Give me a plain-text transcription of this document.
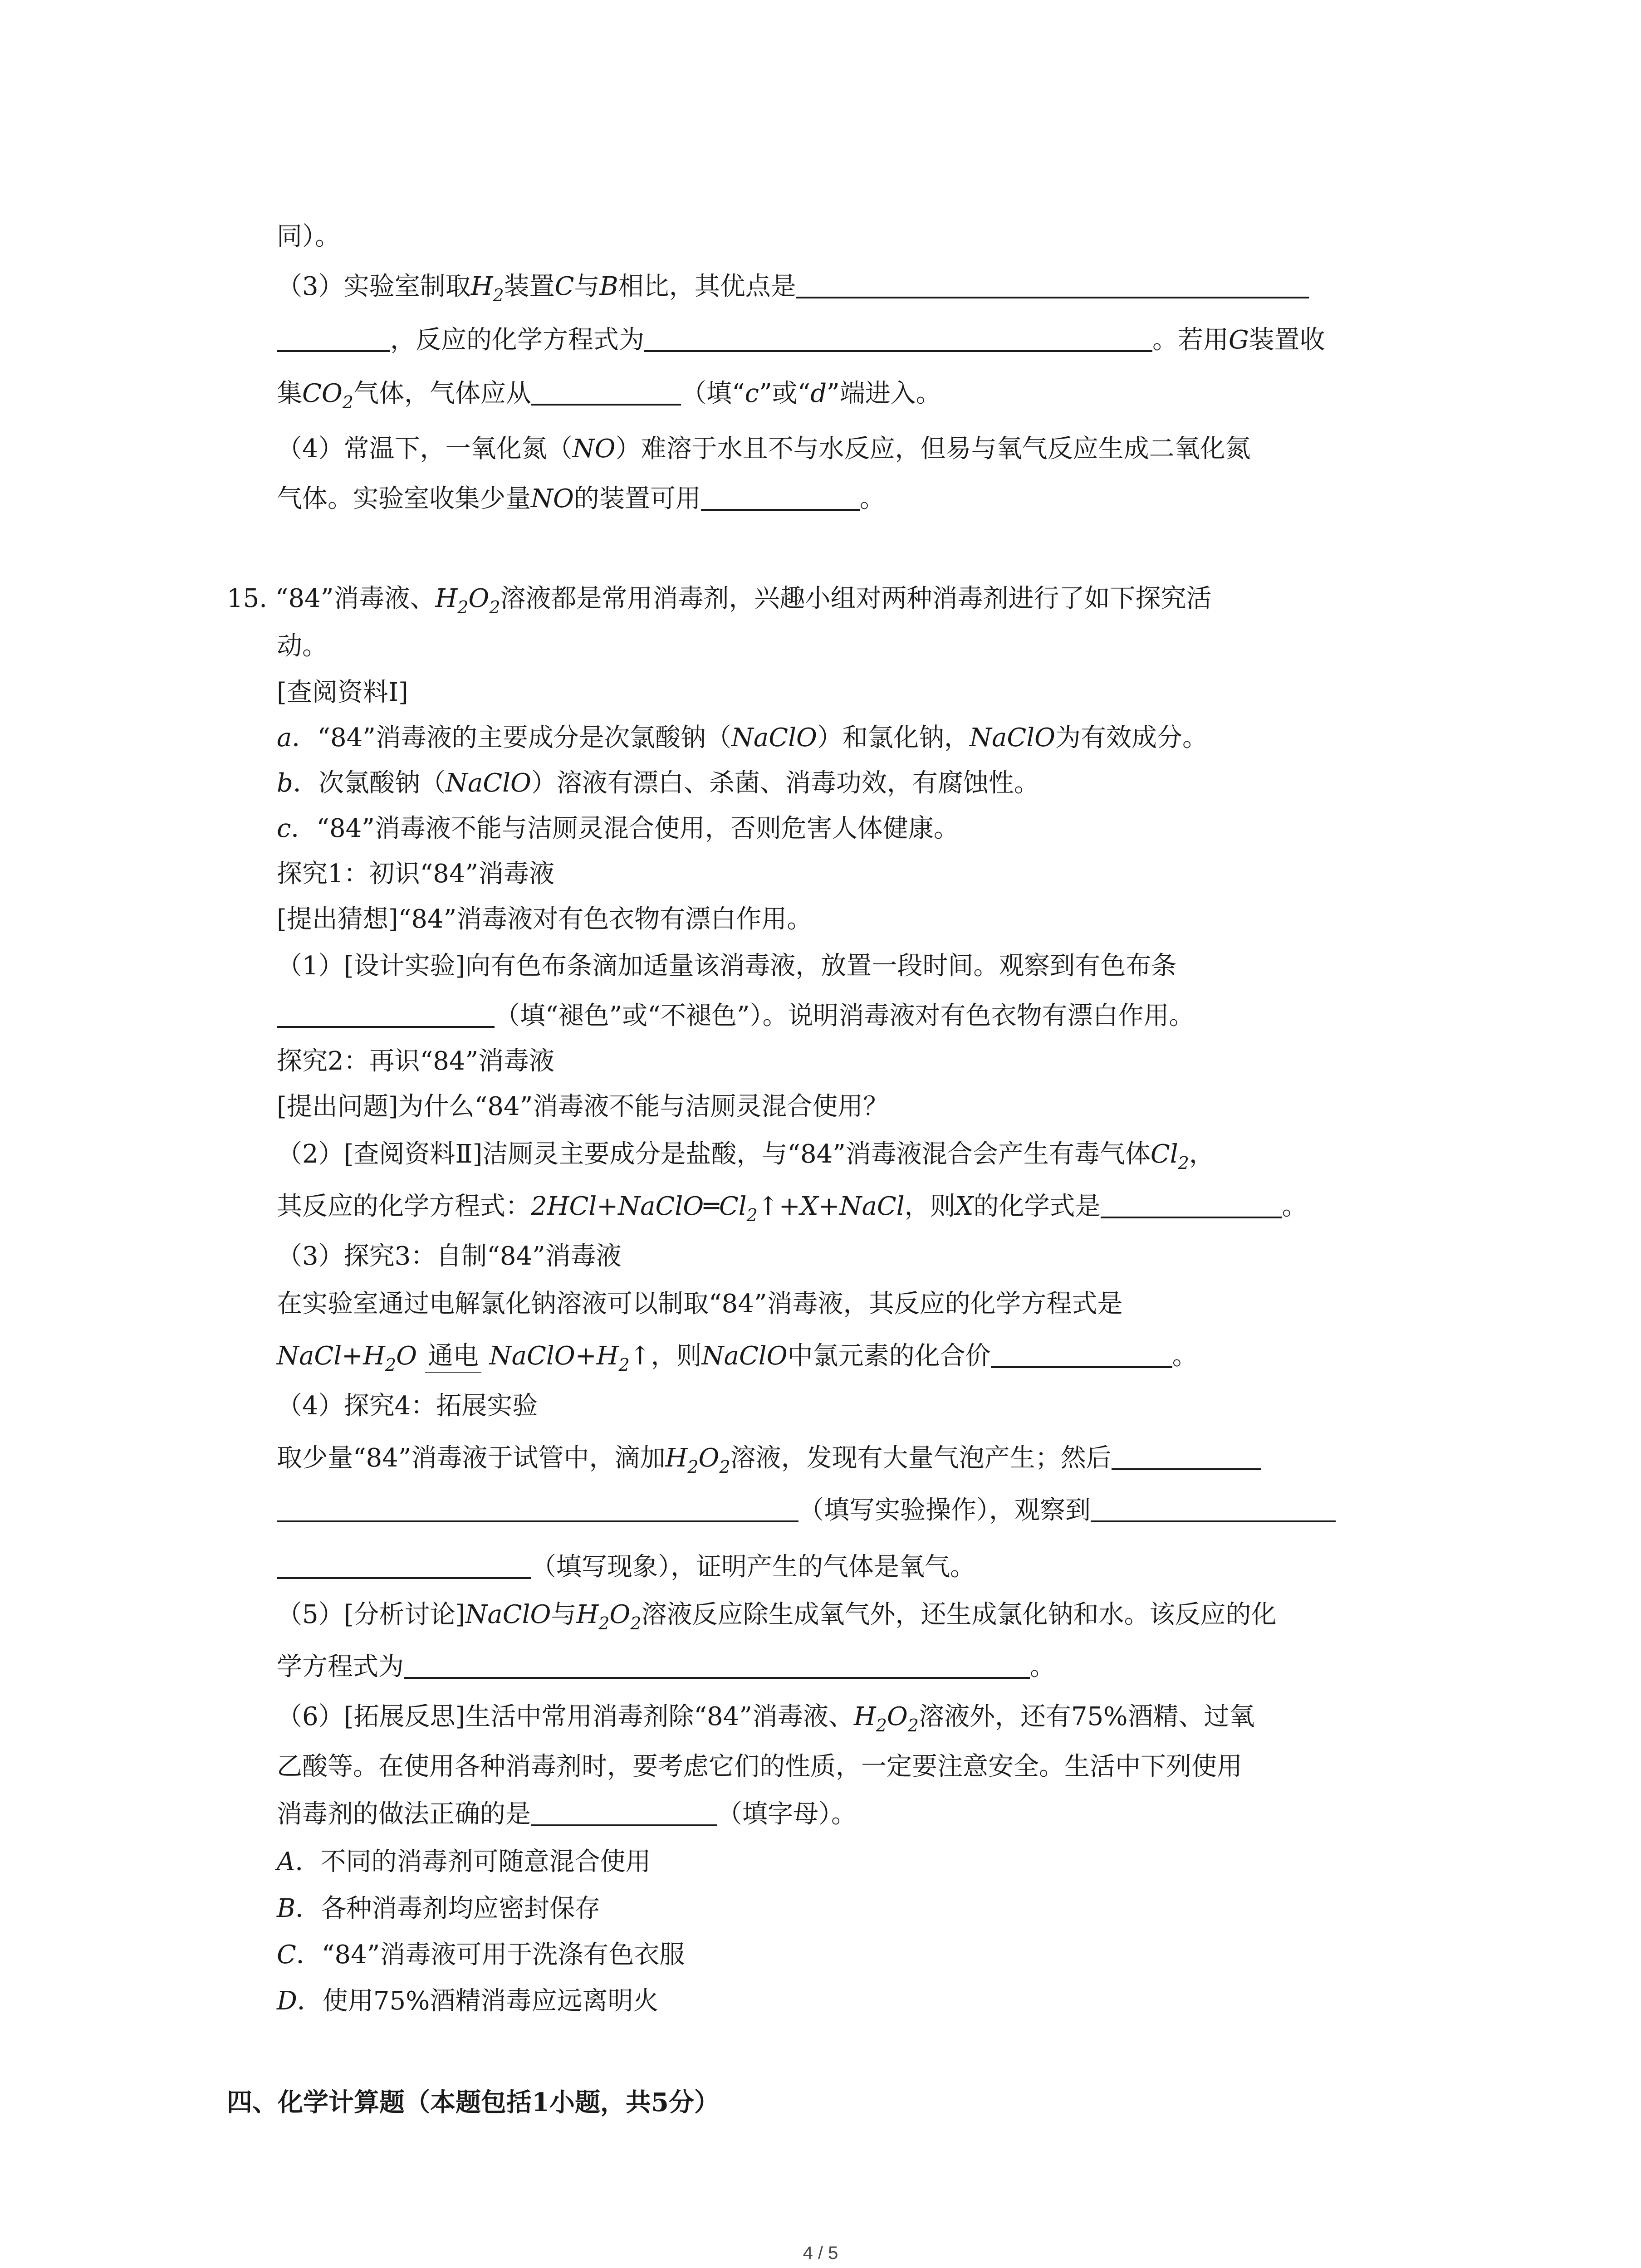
同）。
（3）实验室制取$H_2$装置C与B相比，其优点是
，反应的化学方程式为	。若用G装置收
集$CO_2$气体，气体应从	（填“c”或“d”端进入。
（4）常温下，一氧化氮（NO）难溶于水且不与水反应，但易与氧气反应生成二氧化氮
气体。实验室收集少量NO的装置可用	。
15. “84”消毒液、$H_2O_2$溶液都是常用消毒剂，兴趣小组对两种消毒剂进行了如下探究活
动。
[查阅资料Ⅰ]
a．“84”消毒液的主要成分是次氯酸钠（NaClO）和氯化钠，NaClO为有效成分。
b．次氯酸钠（NaClO）溶液有漂白、杀菌、消毒功效，有腐蚀性。
c．“84”消毒液不能与洁厕灵混合使用，否则危害人体健康。
探究1：初识“84”消毒液
[提出猜想]“84”消毒液对有色衣物有漂白作用。
（1）[设计实验]向有色布条滴加适量该消毒液，放置一段时间。观察到有色布条
（填“褪色”或“不褪色”）。说明消毒液对有色衣物有漂白作用。
探究2：再识“84”消毒液
[提出问题]为什么“84”消毒液不能与洁厕灵混合使用？
（2）[查阅资料Ⅱ]洁厕灵主要成分是盐酸，与“84”消毒液混合会产生有毒气体$Cl_2$，
其反应的化学方程式：$2HCl+NaClO═Cl_2↑+X+NaCl$，则X的化学式是	。
（3）探究3：自制“84”消毒液
在实验室通过电解氯化钠溶液可以制取“84”消毒液，其反应的化学方程式是
$NaCl+H_2O$ 通电 $NaClO+H_2↑$，则NaClO中氯元素的化合价	。
（4）探究4：拓展实验
取少量“84”消毒液于试管中，滴加$H_2O_2$溶液，发现有大量气泡产生；然后
（填写实验操作），观察到
（填写现象），证明产生的气体是氧气。
（5）[分析讨论]NaClO与$H_2O_2$溶液反应除生成氧气外，还生成氯化钠和水。该反应的化
学方程式为	。
（6）[拓展反思]生活中常用消毒剂除“84”消毒液、$H_2O_2$溶液外，还有75%酒精、过氧
乙酸等。在使用各种消毒剂时，要考虑它们的性质，一定要注意安全。生活中下列使用
消毒剂的做法正确的是	（填字母）。
A．不同的消毒剂可随意混合使用
B．各种消毒剂均应密封保存
C．“84”消毒液可用于洗涤有色衣服
D．使用75%酒精消毒应远离明火
四、化学计算题（本题包括1小题，共5分）
4 / 5
